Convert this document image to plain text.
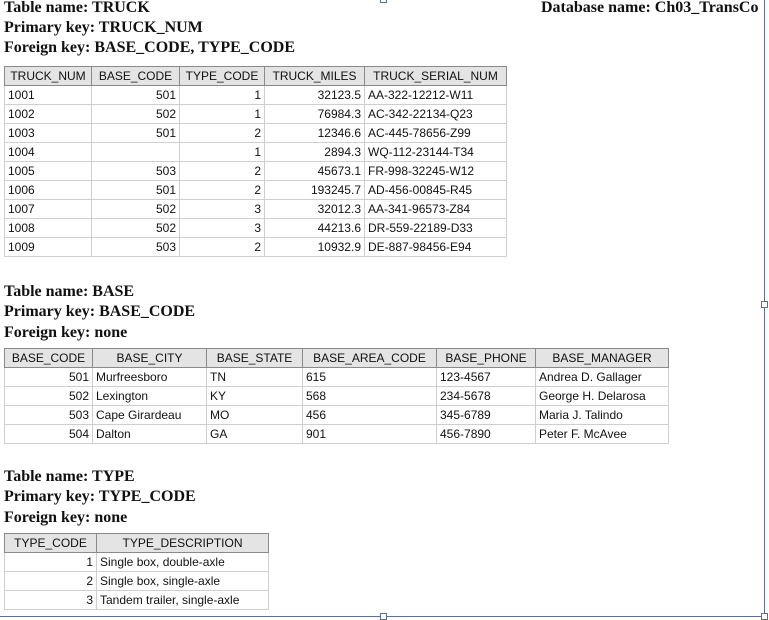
Database name: Ch03_TransCo
Table name: TRUCK
Primary key: TRUCK_NUM
Foreign key: BASE_CODE, TYPE_CODE
TRUCK_NUM	BASE_CODE	TYPE_CODE	TRUCK_MILES	TRUCK_SERIAL_NUM
1001	501	1	32123.5	AA-322-12212-W11
1002	502	1	76984.3	AC-342-22134-Q23
1003	501	2	12346.6	AC-445-78656-Z99
1004		1	2894.3	WQ-112-23144-T34
1005	503	2	45673.1	FR-998-32245-W12
1006	501	2	193245.7	AD-456-00845-R45
1007	502	3	32012.3	AA-341-96573-Z84
1008	502	3	44213.6	DR-559-22189-D33
1009	503	2	10932.9	DE-887-98456-E94
Table name: BASE
Primary key: BASE_CODE
Foreign key: none
BASE_CODE	BASE_CITY	BASE_STATE	BASE_AREA_CODE	BASE_PHONE	BASE_MANAGER
501	Murfreesboro	TN	615	123-4567	Andrea D. Gallager
502	Lexington	KY	568	234-5678	George H. Delarosa
503	Cape Girardeau	MO	456	345-6789	Maria J. Talindo
504	Dalton	GA	901	456-7890	Peter F. McAvee
Table name: TYPE
Primary key: TYPE_CODE
Foreign key: none
TYPE_CODE	TYPE_DESCRIPTION
1	Single box, double-axle
2	Single box, single-axle
3	Tandem trailer, single-axle
